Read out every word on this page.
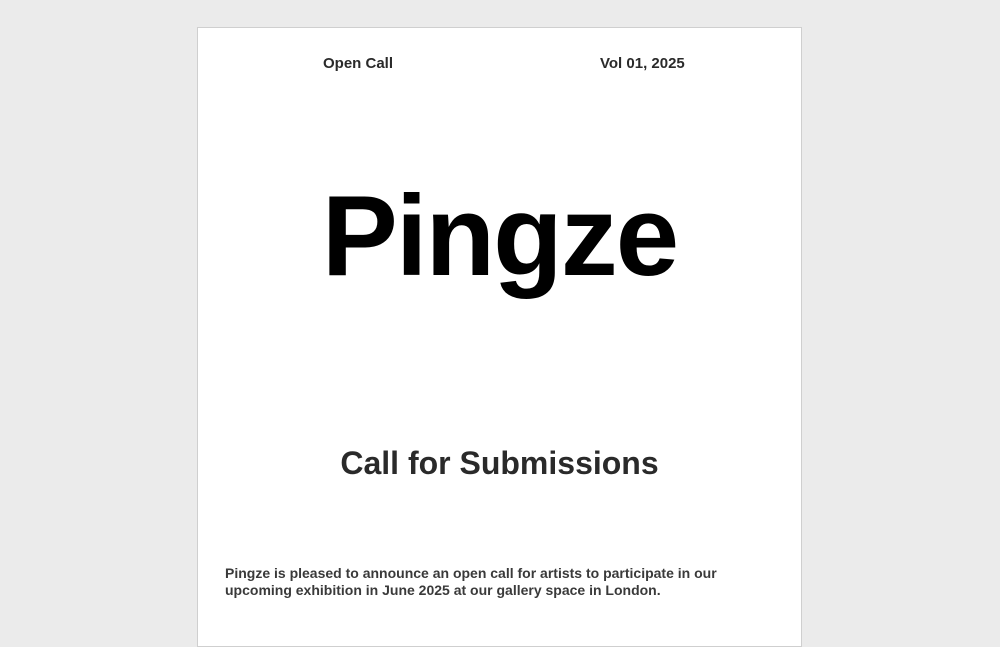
Open Call	Vol 01, 2025
Pingze
Call for Submissions
Pingze is pleased to announce an open call for artists to participate in our upcoming exhibition in June 2025 at our gallery space in London.
